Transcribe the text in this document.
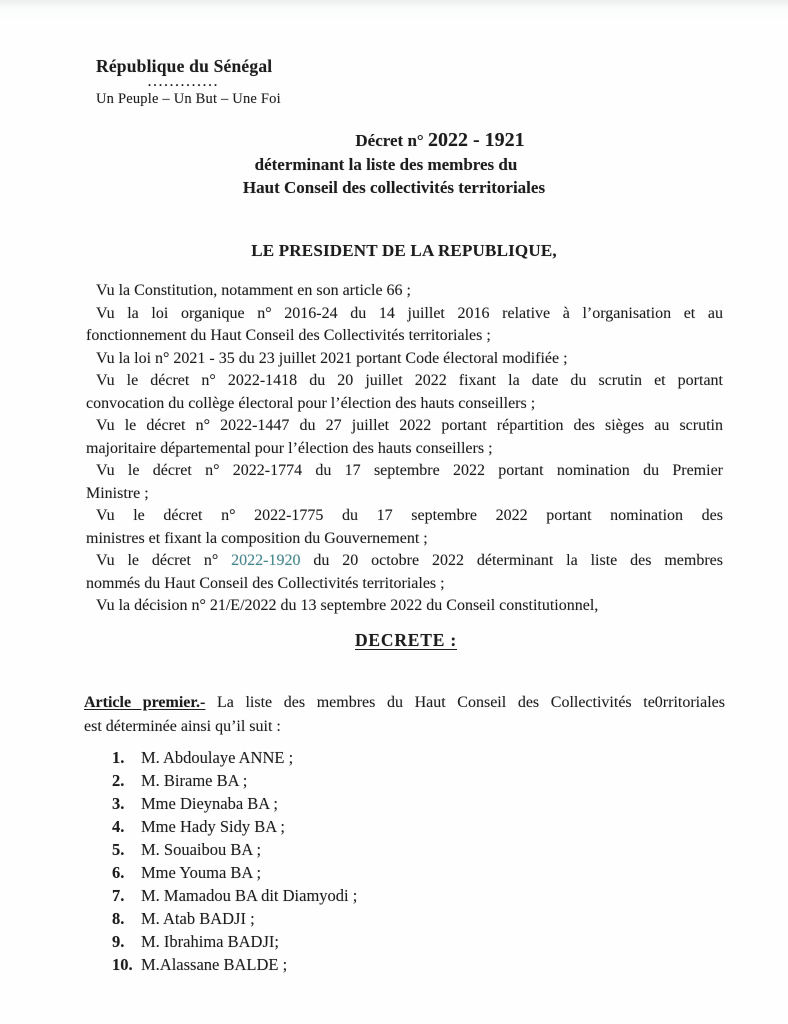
République du Sénégal
.............
Un Peuple – Un But – Une Foi
Décret n° 2022 - 1921
déterminant la liste des membres du
Haut Conseil des collectivités territoriales
LE PRESIDENT DE LA REPUBLIQUE,
Vu la Constitution, notamment en son article 66 ;
Vu la loi organique n° 2016-24 du 14 juillet 2016 relative à l’organisation et au
fonctionnement du Haut Conseil des Collectivités territoriales ;
Vu la loi n° 2021 - 35 du 23 juillet 2021 portant Code électoral modifiée ;
Vu le décret n° 2022-1418 du 20 juillet 2022 fixant la date du scrutin et portant
convocation du collège électoral pour l’élection des hauts conseillers ;
Vu le décret n° 2022-1447 du 27 juillet 2022 portant répartition des sièges au scrutin
majoritaire départemental pour l’élection des hauts conseillers ;
Vu le décret n° 2022-1774 du 17 septembre 2022 portant nomination du Premier
Ministre ;
Vu le décret n° 2022-1775 du 17 septembre 2022 portant nomination des
ministres et fixant la composition du Gouvernement ;
Vu le décret n° 2022-1920 du 20 octobre 2022 déterminant la liste des membres
nommés du Haut Conseil des Collectivités territoriales ;
Vu la décision n° 21/E/2022 du 13 septembre 2022 du Conseil constitutionnel,
DECRETE :
Article premier.- La liste des membres du Haut Conseil des Collectivités te0rritoriales
est déterminée ainsi qu’il suit :
1.	M. Abdoulaye ANNE ;
2.	M. Birame BA ;
3.	Mme Dieynaba BA ;
4.	Mme Hady Sidy BA ;
5.	M. Souaibou BA ;
6.	Mme Youma BA ;
7.	M. Mamadou BA dit Diamyodi ;
8.	M. Atab BADJI ;
9.	M. Ibrahima BADJI;
10. M.Alassane BALDE ;
